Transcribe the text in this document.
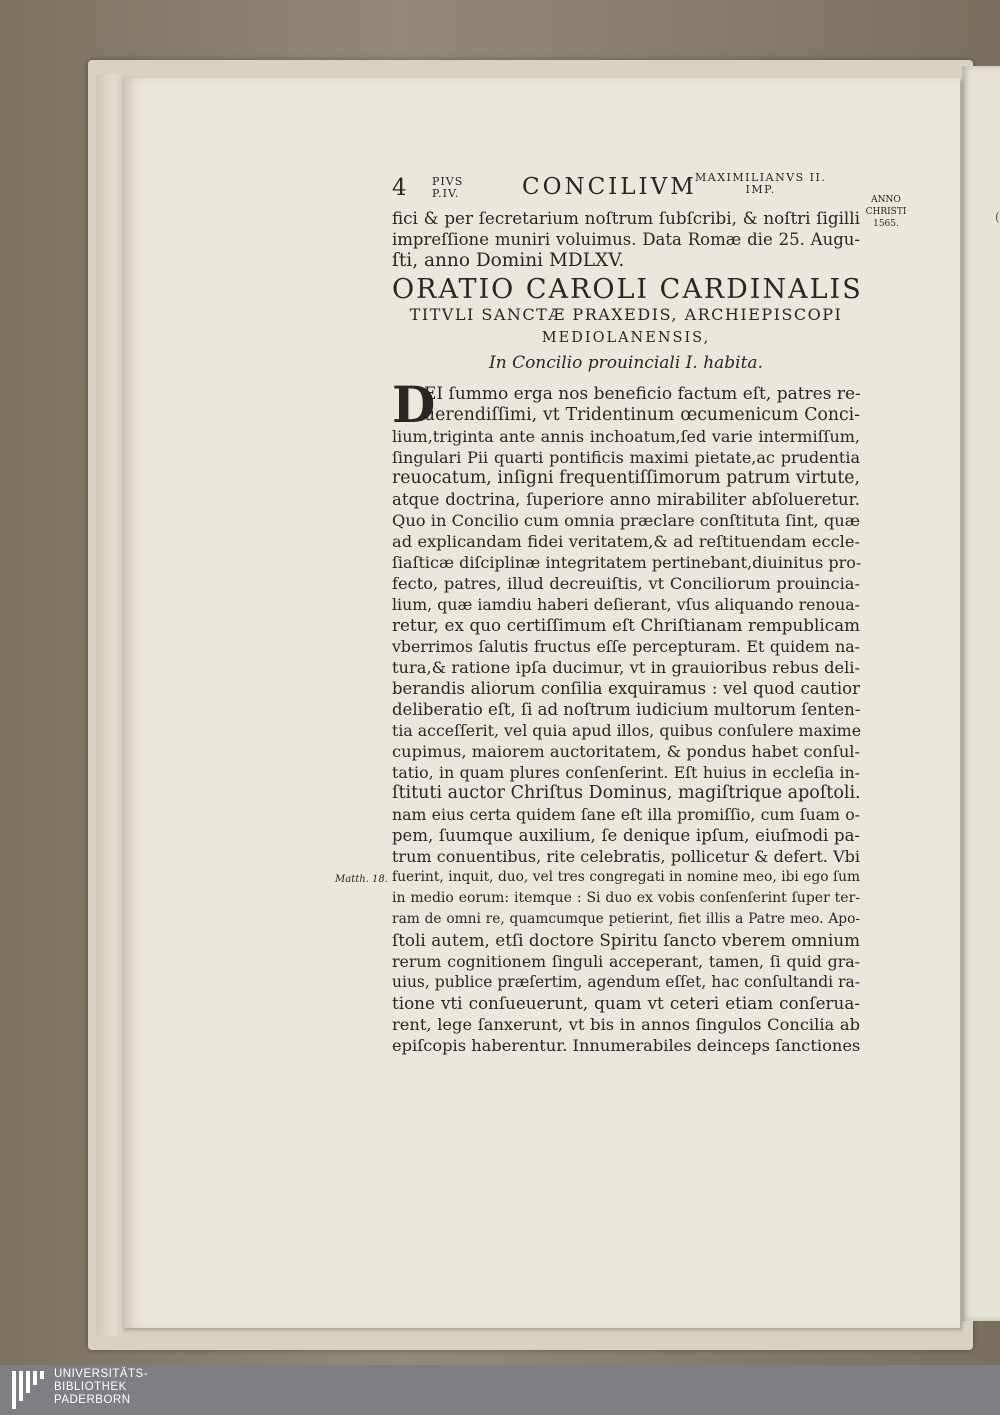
(
4 PIVS
P.IV.	CONCILIVM
MAXIMILIANVS II.
IMP.
ANNO
CHRISTI
1565.
fici & per ſecretarium noſtrum ſubſcribi, & noſtri ſigilli
impreſſione muniri voluimus. Data Romæ die 25. Augu-
ſti, anno Domini MDLXV.
ORATIO CAROLI CARDINALIS
TITVLI SANCTÆ PRAXEDIS, ARCHIEPISCOPI
MEDIOLANENSIS,
In Concilio prouinciali I. habita.
D
EI ſummo erga nos beneficio factum eſt, patres re-
uerendiſſimi, vt Tridentinum œcumenicum Conci-
lium,triginta ante annis inchoatum,ſed varie intermiſſum,
ſingulari Pii quarti pontificis maximi pietate,ac prudentia
reuocatum, inſigni frequentiſſimorum patrum virtute,
atque doctrina, ſuperiore anno mirabiliter abſolueretur.
Quo in Concilio cum omnia præclare conſtituta ſint, quæ
ad explicandam fidei veritatem,& ad reſtituendam eccle-
ſiaſticæ diſciplinæ integritatem pertinebant,diuinitus pro-
fecto, patres, illud decreuiſtis, vt Conciliorum prouincia-
lium, quæ iamdiu haberi deſierant, vſus aliquando renoua-
retur, ex quo certiſſimum eſt Chriſtianam rempublicam
vberrimos ſalutis fructus eſſe percepturam. Et quidem na-
tura,& ratione ipſa ducimur, vt in grauioribus rebus deli-
berandis aliorum conſilia exquiramus : vel quod cautior
deliberatio eſt, ſi ad noſtrum iudicium multorum ſenten-
tia acceſſerit, vel quia apud illos, quibus conſulere maxime
cupimus, maiorem auctoritatem, & pondus habet conſul-
tatio, in quam plures conſenſerint. Eſt huius in eccleſia in-
ſtituti auctor Chriſtus Dominus, magiſtrique apoſtoli.
nam eius certa quidem ſane eſt illa promiſſio, cum ſuam o-
pem, ſuumque auxilium, ſe denique ipſum, eiuſmodi pa-
trum conuentibus, rite celebratis, pollicetur & defert. Vbi
fuerint, inquit, duo, vel tres congregati in nomine meo, ibi ego ſum
in medio eorum: itemque : Si duo ex vobis conſenſerint ſuper ter-
ram de omni re, quamcumque petierint, fiet illis a Patre meo. Apo-
ſtoli autem, etſi doctore Spiritu ſancto vberem omnium
rerum cognitionem ſinguli acceperant, tamen, ſi quid gra-
uius, publice præſertim, agendum eſſet, hac conſultandi ra-
tione vti conſueuerunt, quam vt ceteri etiam conſerua-
rent, lege ſanxerunt, vt bis in annos ſingulos Concilia ab
epiſcopis haberentur. Innumerabiles deinceps ſanctiones
Matth. 18.
UNIVERSITÄTS-
BIBLIOTHEK
PADERBORN
